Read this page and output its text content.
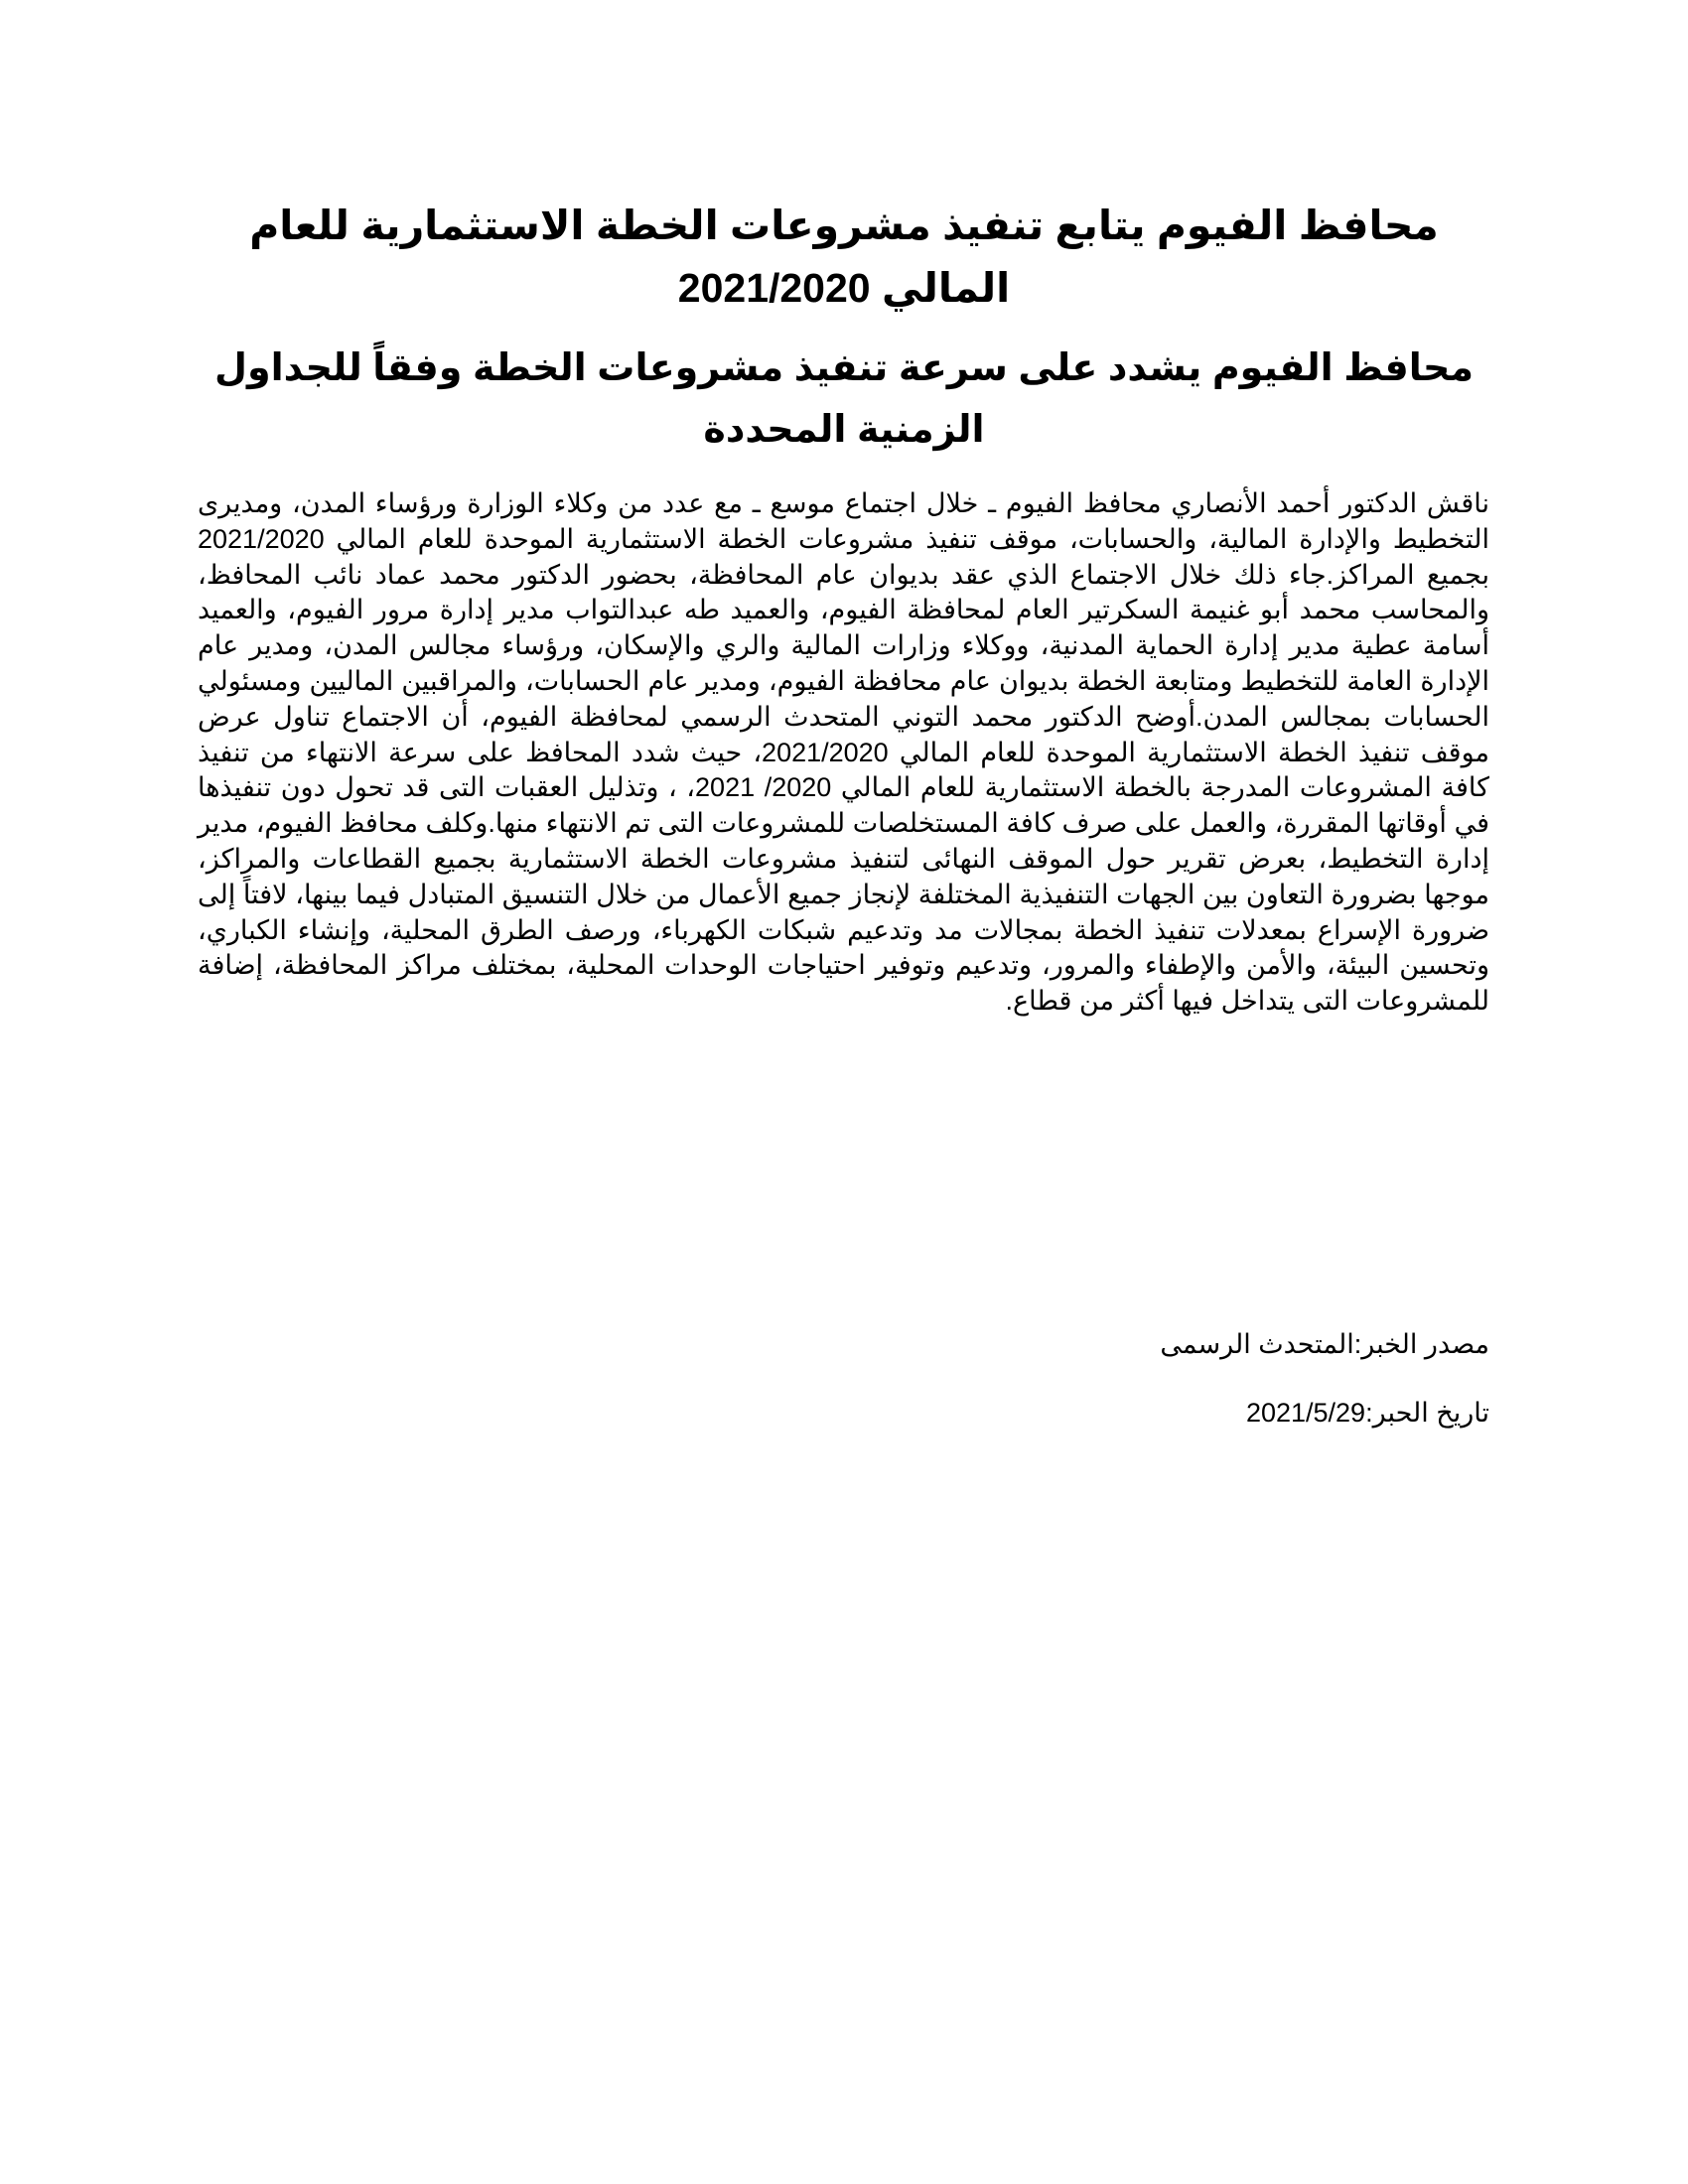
محافظ الفيوم يتابع تنفيذ مشروعات الخطة الاستثمارية للعام المالي 2021/2020
محافظ الفيوم يشدد على سرعة تنفيذ مشروعات الخطة وفقاً للجداول الزمنية المحددة

ناقش الدكتور أحمد الأنصاري محافظ الفيوم ـ خلال اجتماع موسع ـ مع عدد من وكلاء الوزارة ورؤساء المدن، ومديرى التخطيط والإدارة المالية، والحسابات، موقف تنفيذ مشروعات الخطة الاستثمارية الموحدة للعام المالي 2021/2020 بجميع المراكز.جاء ذلك خلال الاجتماع الذي عقد بديوان عام المحافظة، بحضور الدكتور محمد عماد نائب المحافظ، والمحاسب محمد أبو غنيمة السكرتير العام لمحافظة الفيوم، والعميد طه عبدالتواب مدير إدارة مرور الفيوم، والعميد أسامة عطية مدير إدارة الحماية المدنية، ووكلاء وزارات المالية والري والإسكان، ورؤساء مجالس المدن، ومدير عام الإدارة العامة للتخطيط ومتابعة الخطة بديوان عام محافظة الفيوم، ومدير عام الحسابات، والمراقبين الماليين ومسئولي الحسابات بمجالس المدن.أوضح الدكتور محمد التوني المتحدث الرسمي لمحافظة الفيوم، أن الاجتماع تناول عرض موقف تنفيذ الخطة الاستثمارية الموحدة للعام المالي 2021/2020، حيث شدد المحافظ على سرعة الانتهاء من تنفيذ كافة المشروعات المدرجة بالخطة الاستثمارية للعام المالي 2020/ 2021، ، وتذليل العقبات التى قد تحول دون تنفيذها في أوقاتها المقررة، والعمل على صرف كافة المستخلصات للمشروعات التى تم الانتهاء منها.وكلف محافظ الفيوم، مدير إدارة التخطيط، بعرض تقرير حول الموقف النهائى لتنفيذ مشروعات الخطة الاستثمارية بجميع القطاعات والمراكز، موجها بضرورة التعاون بين الجهات التنفيذية المختلفة لإنجاز جميع الأعمال من خلال التنسيق المتبادل فيما بينها، لافتاً إلى ضرورة الإسراع بمعدلات تنفيذ الخطة بمجالات مد وتدعيم شبكات الكهرباء، ورصف الطرق المحلية، وإنشاء الكباري، وتحسين البيئة، والأمن والإطفاء والمرور، وتدعيم وتوفير احتياجات الوحدات المحلية، بمختلف مراكز المحافظة، إضافة للمشروعات التى يتداخل فيها أكثر من قطاع.

مصدر الخبر:المتحدث الرسمى

تاريخ الحبر:2021/5/29
